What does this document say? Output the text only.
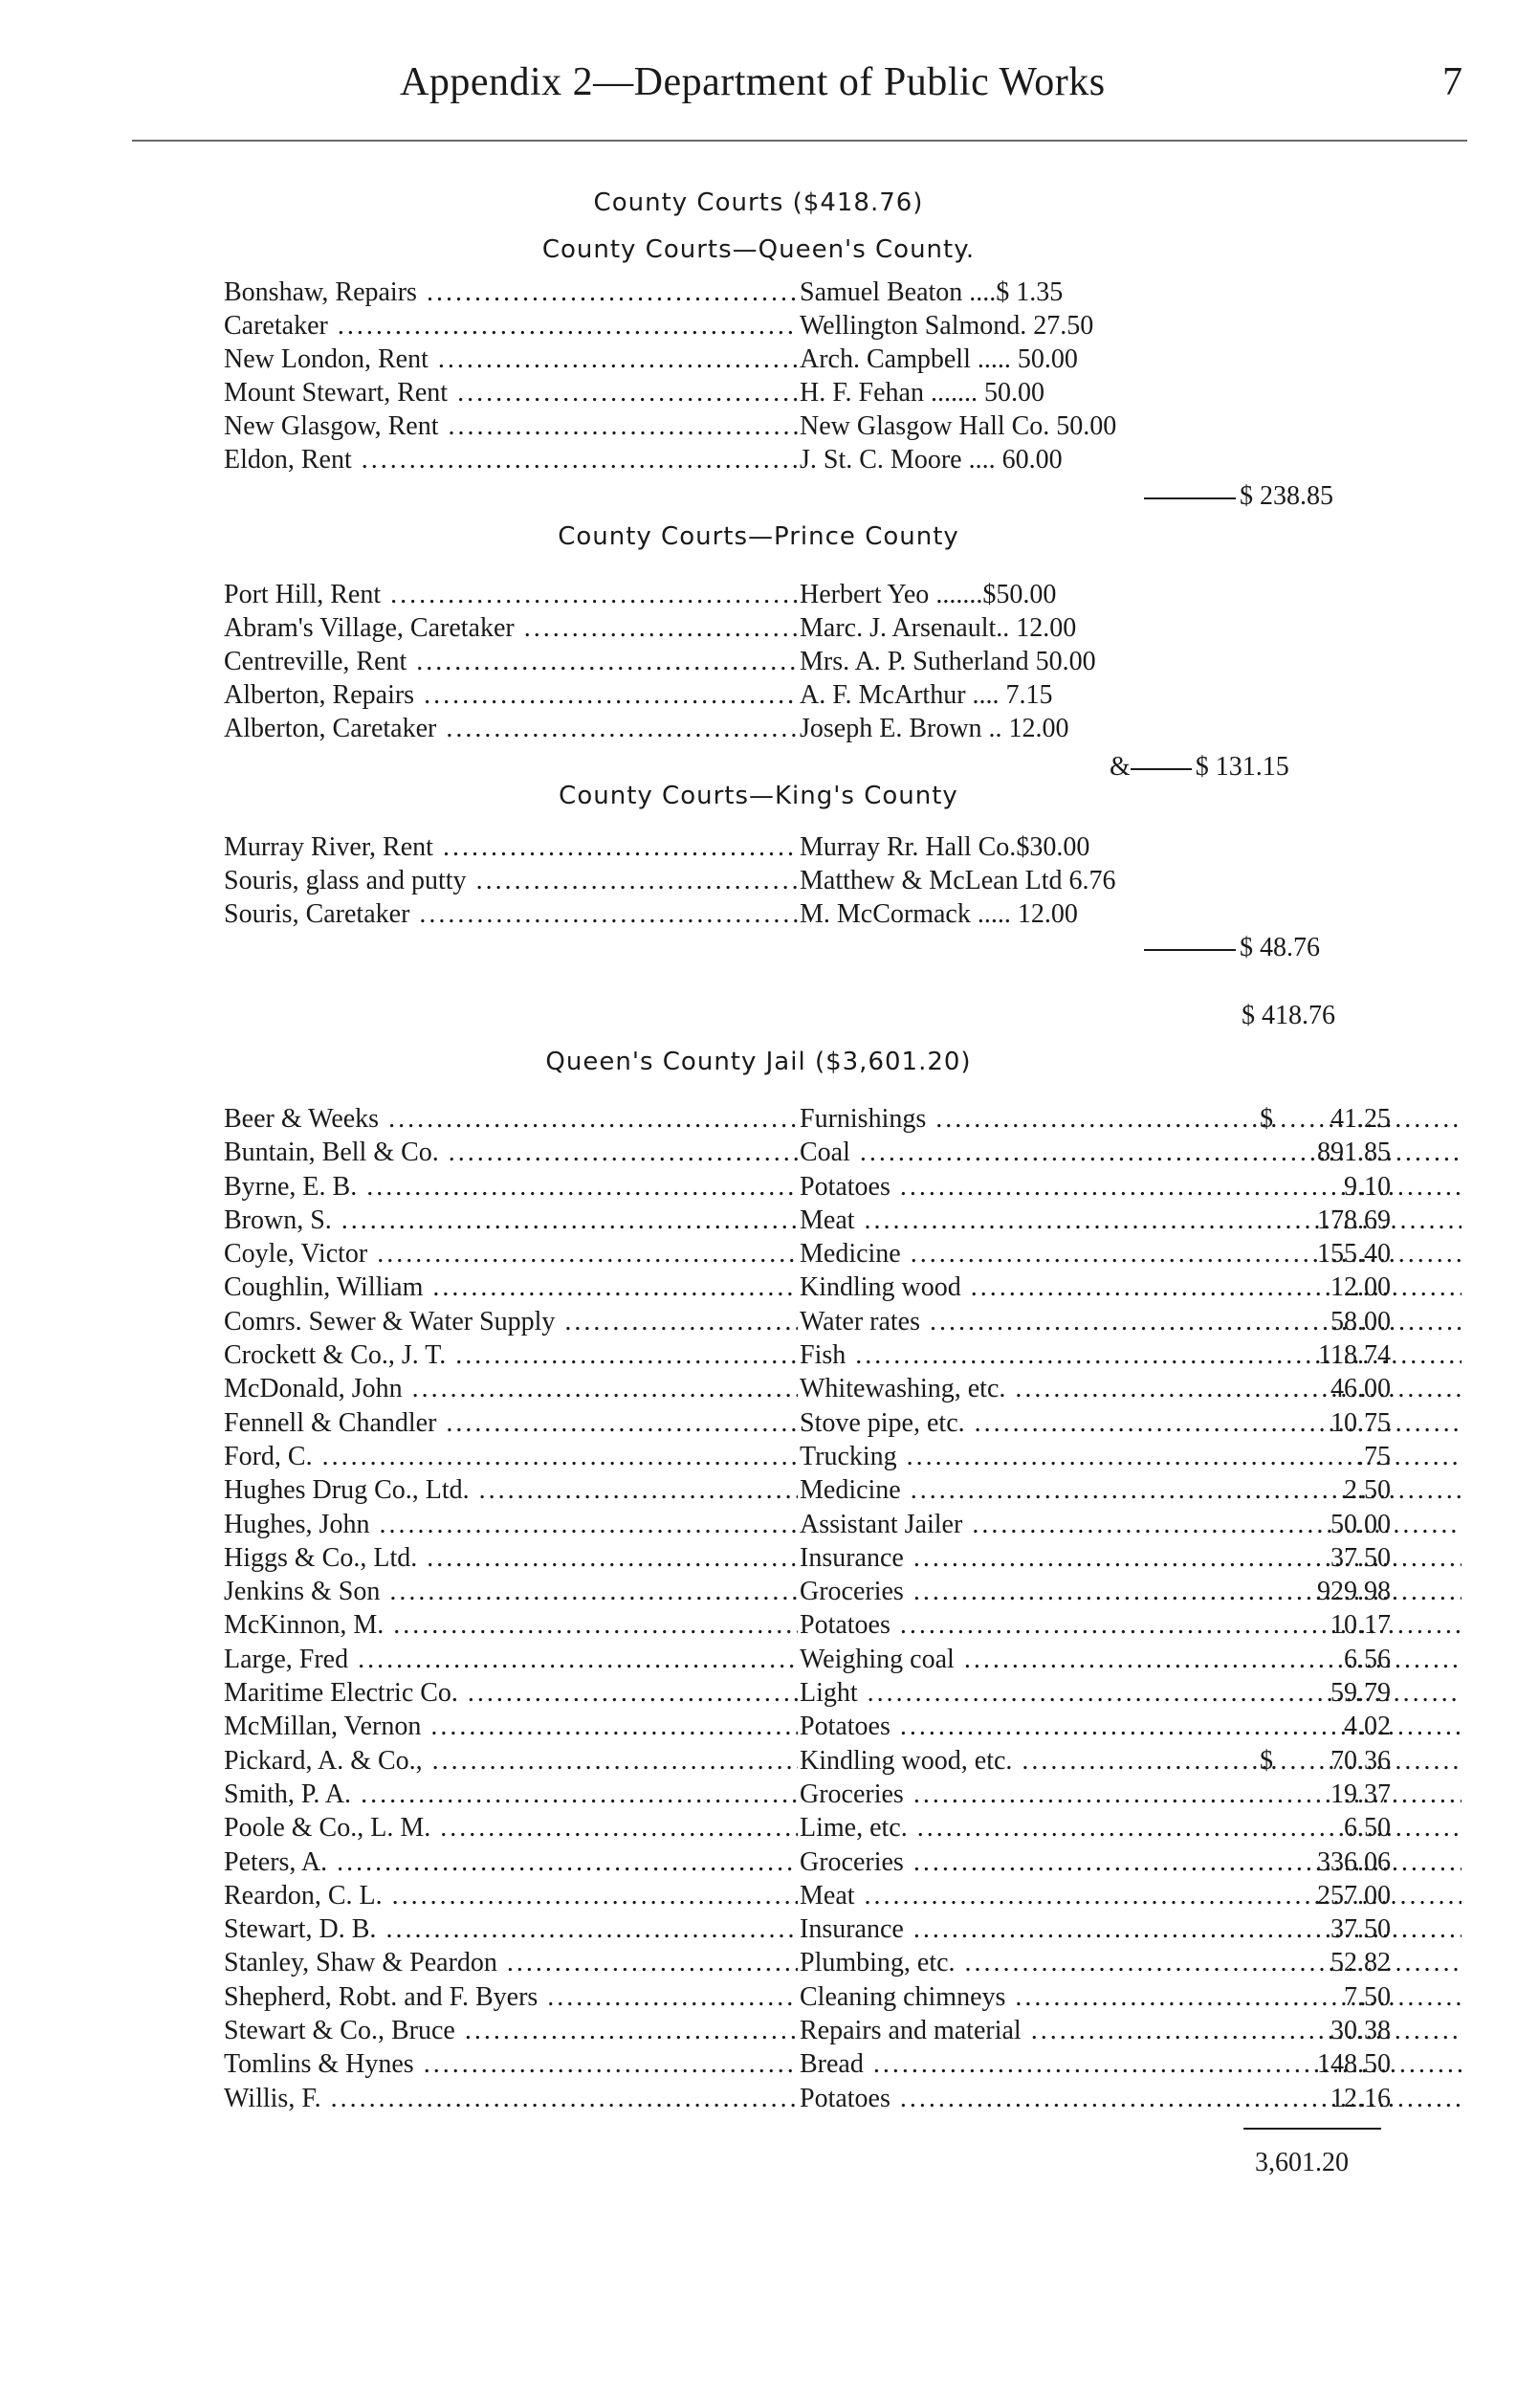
Appendix 2—Department of Public Works	7
County Courts ($418.76)
County Courts—Queen's County.
Bonshaw, Repairs .....	Samuel Beaton ....$ 1.35
Caretaker .....	Wellington Salmond. 27.50
New London, Rent .....	Arch. Campbell ..... 50.00
Mount Stewart, Rent .....	H. F. Fehan ....... 50.00
New Glasgow, Rent .....	New Glasgow Hall Co. 50.00
Eldon, Rent .....	J. St. C. Moore .... 60.00
$ 238.85
County Courts—Prince County
Port Hill, Rent .....	Herbert Yeo .......$50.00
Abram's Village, Caretaker .....	Marc. J. Arsenault.. 12.00
Centreville, Rent .....	Mrs. A. P. Sutherland 50.00
Alberton, Repairs .....	A. F. McArthur .... 7.15
Alberton, Caretaker .....	Joseph E. Brown .. 12.00
& $ 131.15
County Courts—King's County
Murray River, Rent .....	Murray Rr. Hall Co.$30.00
Souris, glass and putty .....	Matthew & McLean Ltd 6.76
Souris, Caretaker .....	M. McCormack ..... 12.00
$ 48.76
$ 418.76
Queen's County Jail ($3,601.20)
Beer & Weeks .....	Furnishings .....	$	41.25
Buntain, Bell & Co. .....	Coal .....	891.85
Byrne, E. B. .....	Potatoes .....	9.10
Brown, S. .....	Meat .....	178.69
Coyle, Victor .....	Medicine .....	155.40
Coughlin, William .....	Kindling wood .....	12.00
Comrs. Sewer & Water Supply .....	Water rates .....	58.00
Crockett & Co., J. T. .....	Fish .....	118.74
McDonald, John .....	Whitewashing, etc. .....	46.00
Fennell & Chandler .....	Stove pipe, etc. .....	10.75
Ford, C. .....	Trucking .....	.75
Hughes Drug Co., Ltd. .....	Medicine .....	2.50
Hughes, John .....	Assistant Jailer .....	50.00
Higgs & Co., Ltd. .....	Insurance .....	37.50
Jenkins & Son .....	Groceries .....	929.98
McKinnon, M. .....	Potatoes .....	10.17
Large, Fred .....	Weighing coal .....	6.56
Maritime Electric Co. .....	Light .....	59.79
McMillan, Vernon .....	Potatoes .....	4.02
Pickard, A. & Co., .....	Kindling wood, etc. .....	$	70.36
Smith, P. A. .....	Groceries .....	19.37
Poole & Co., L. M. .....	Lime, etc. .....	6.50
Peters, A. .....	Groceries .....	336.06
Reardon, C. L. .....	Meat .....	257.00
Stewart, D. B. .....	Insurance .....	37.50
Stanley, Shaw & Peardon .....	Plumbing, etc. .....	52.82
Shepherd, Robt. and F. Byers .....	Cleaning chimneys .....	7.50
Stewart & Co., Bruce .....	Repairs and material .....	30.38
Tomlins & Hynes .....	Bread .....	148.50
Willis, F. .....	Potatoes .....	12.16
3,601.20
